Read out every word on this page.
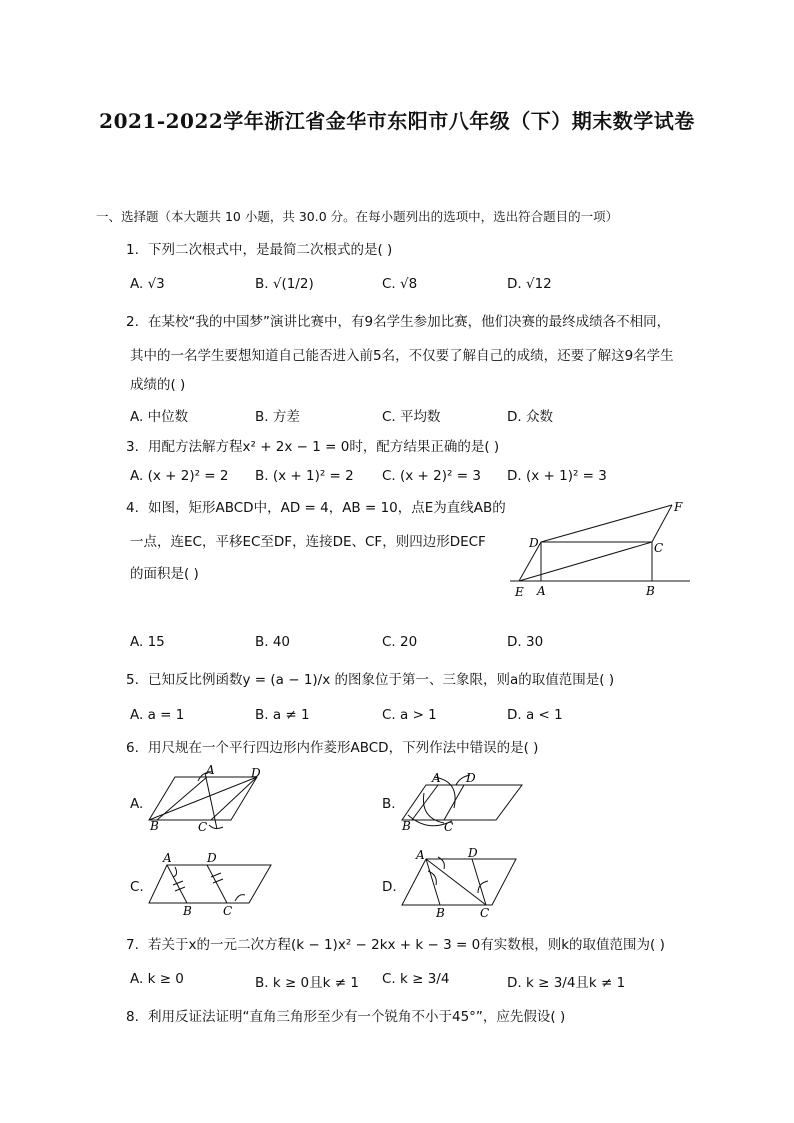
2021-2022学年浙江省金华市东阳市八年级（下）期末数学试卷
一、选择题（本大题共 10 小题，共 30.0 分。在每小题列出的选项中，选出符合题目的一项）
1. 下列二次根式中，是最简二次根式的是( )
A. √3	B. √(1/2)	C. √8	D. √12
2. 在某校“我的中国梦”演讲比赛中，有9名学生参加比赛，他们决赛的最终成绩各不相同，
其中的一名学生要想知道自己能否进入前5名，不仅要了解自己的成绩，还要了解这9名学生
成绩的( )
A. 中位数	B. 方差	C. 平均数	D. 众数
3. 用配方法解方程x² + 2x − 1 = 0时，配方结果正确的是( )
A. (x + 2)² = 2 B. (x + 1)² = 2 C. (x + 2)² = 3 D. (x + 1)² = 3
4. 如图，矩形ABCD中，AD = 4，AB = 10，点E为直线AB的
一点，连EC，平移EC至DF，连接DE、CF，则四边形DECF
的面积是( )
D	C
F
E A	B
A. 15	B. 40	C. 20	D. 30
5. 已知反比例函数y = (a − 1)/x 的图象位于第一、三象限，则a的取值范围是( )
A. a = 1	B. a ≠ 1	C. a > 1	D. a < 1
6. 用尺规在一个平行四边形内作菱形ABCD，下列作法中错误的是( )
A.
A	D
B	C
B.
A D
B	C
C.
A	D
B	C
D.
A	D
B	C
7. 若关于x的一元二次方程(k − 1)x² − 2kx + k − 3 = 0有实数根，则k的取值范围为( )
A. k ≥ 0	B. k ≥ 0且k ≠ 1 C. k ≥ 3/4	D. k ≥ 3/4且k ≠ 1
8. 利用反证法证明“直角三角形至少有一个锐角不小于45°”，应先假设( )
